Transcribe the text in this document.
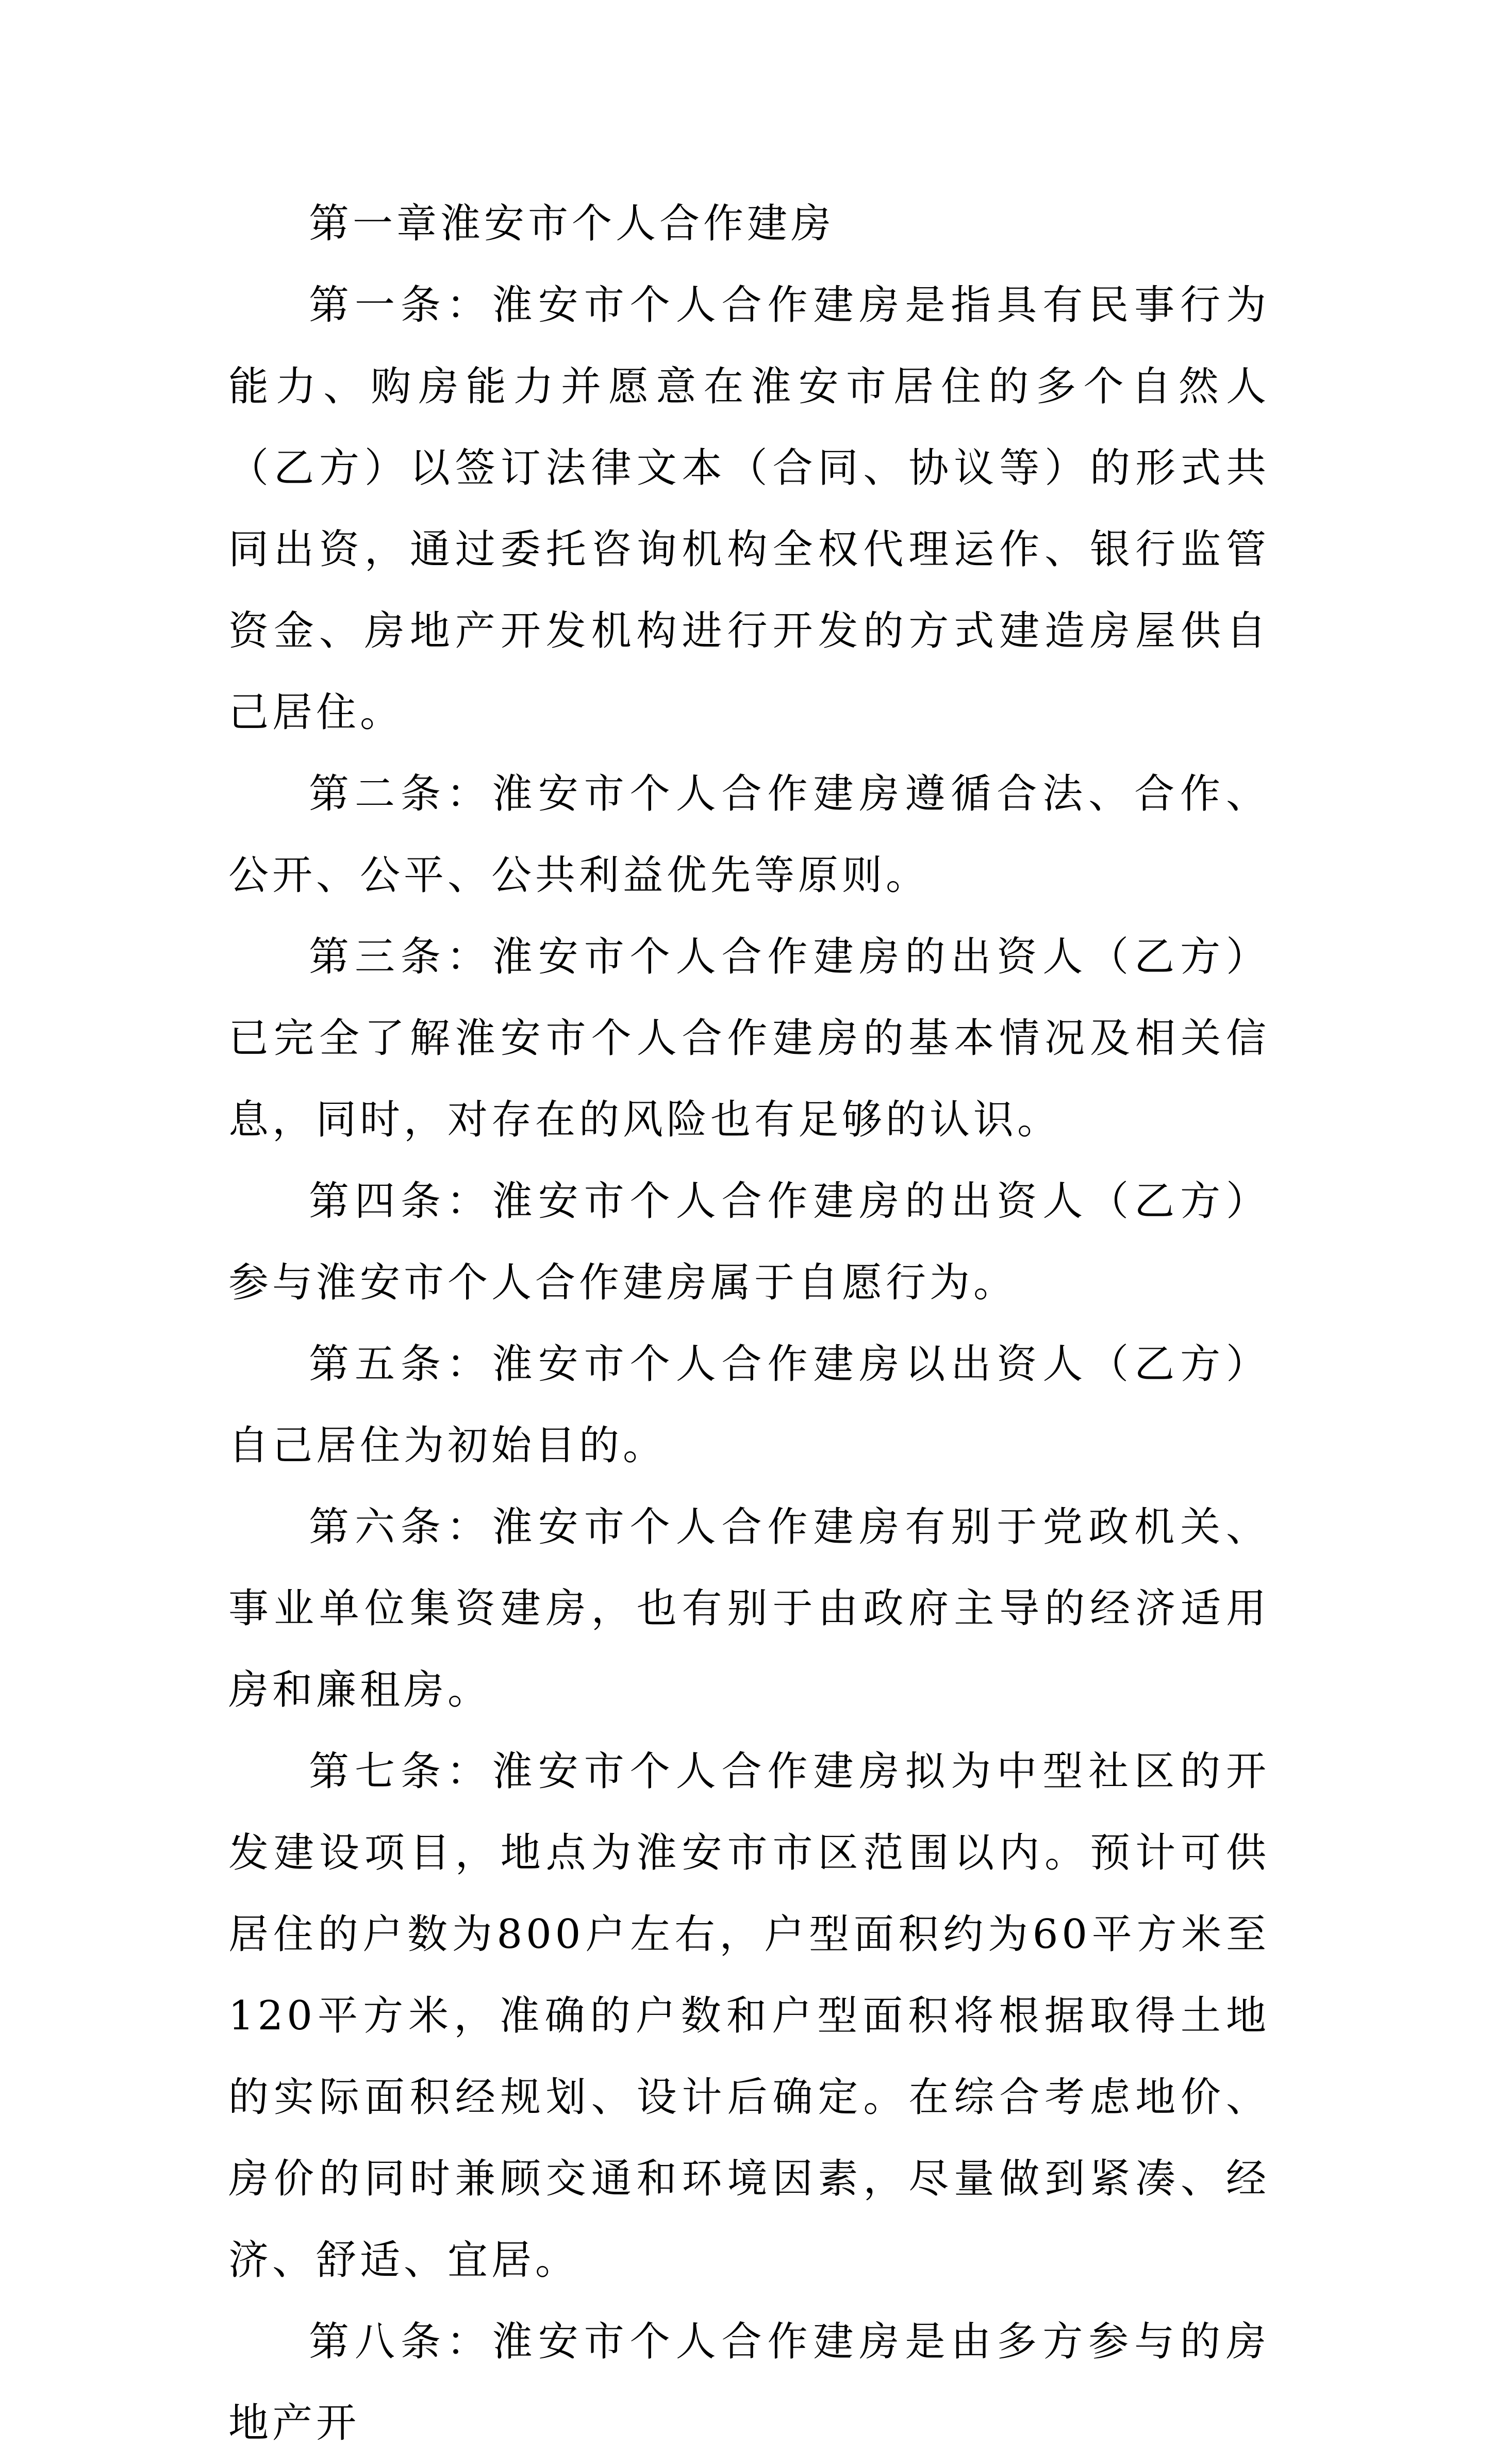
第一章淮安市个人合作建房

第一条：淮安市个人合作建房是指具有民事行为能力、购房能力并愿意在淮安市居住的多个自然人（乙方）以签订法律文本（合同、协议等）的形式共同出资，通过委托咨询机构全权代理运作、银行监管资金、房地产开发机构进行开发的方式建造房屋供自己居住。

第二条：淮安市个人合作建房遵循合法、合作、公开、公平、公共利益优先等原则。

第三条：淮安市个人合作建房的出资人（乙方）已完全了解淮安市个人合作建房的基本情况及相关信息，同时，对存在的风险也有足够的认识。

第四条：淮安市个人合作建房的出资人（乙方）参与淮安市个人合作建房属于自愿行为。

第五条：淮安市个人合作建房以出资人（乙方）自己居住为初始目的。

第六条：淮安市个人合作建房有别于党政机关、事业单位集资建房，也有别于由政府主导的经济适用房和廉租房。

第七条：淮安市个人合作建房拟为中型社区的开发建设项目，地点为淮安市市区范围以内。预计可供居住的户数为800户左右，户型面积约为60平方米至120平方米，准确的户数和户型面积将根据取得土地的实际面积经规划、设计后确定。在综合考虑地价、房价的同时兼顾交通和环境因素，尽量做到紧凑、经济、舒适、宜居。

第八条：淮安市个人合作建房是由多方参与的房地产开
